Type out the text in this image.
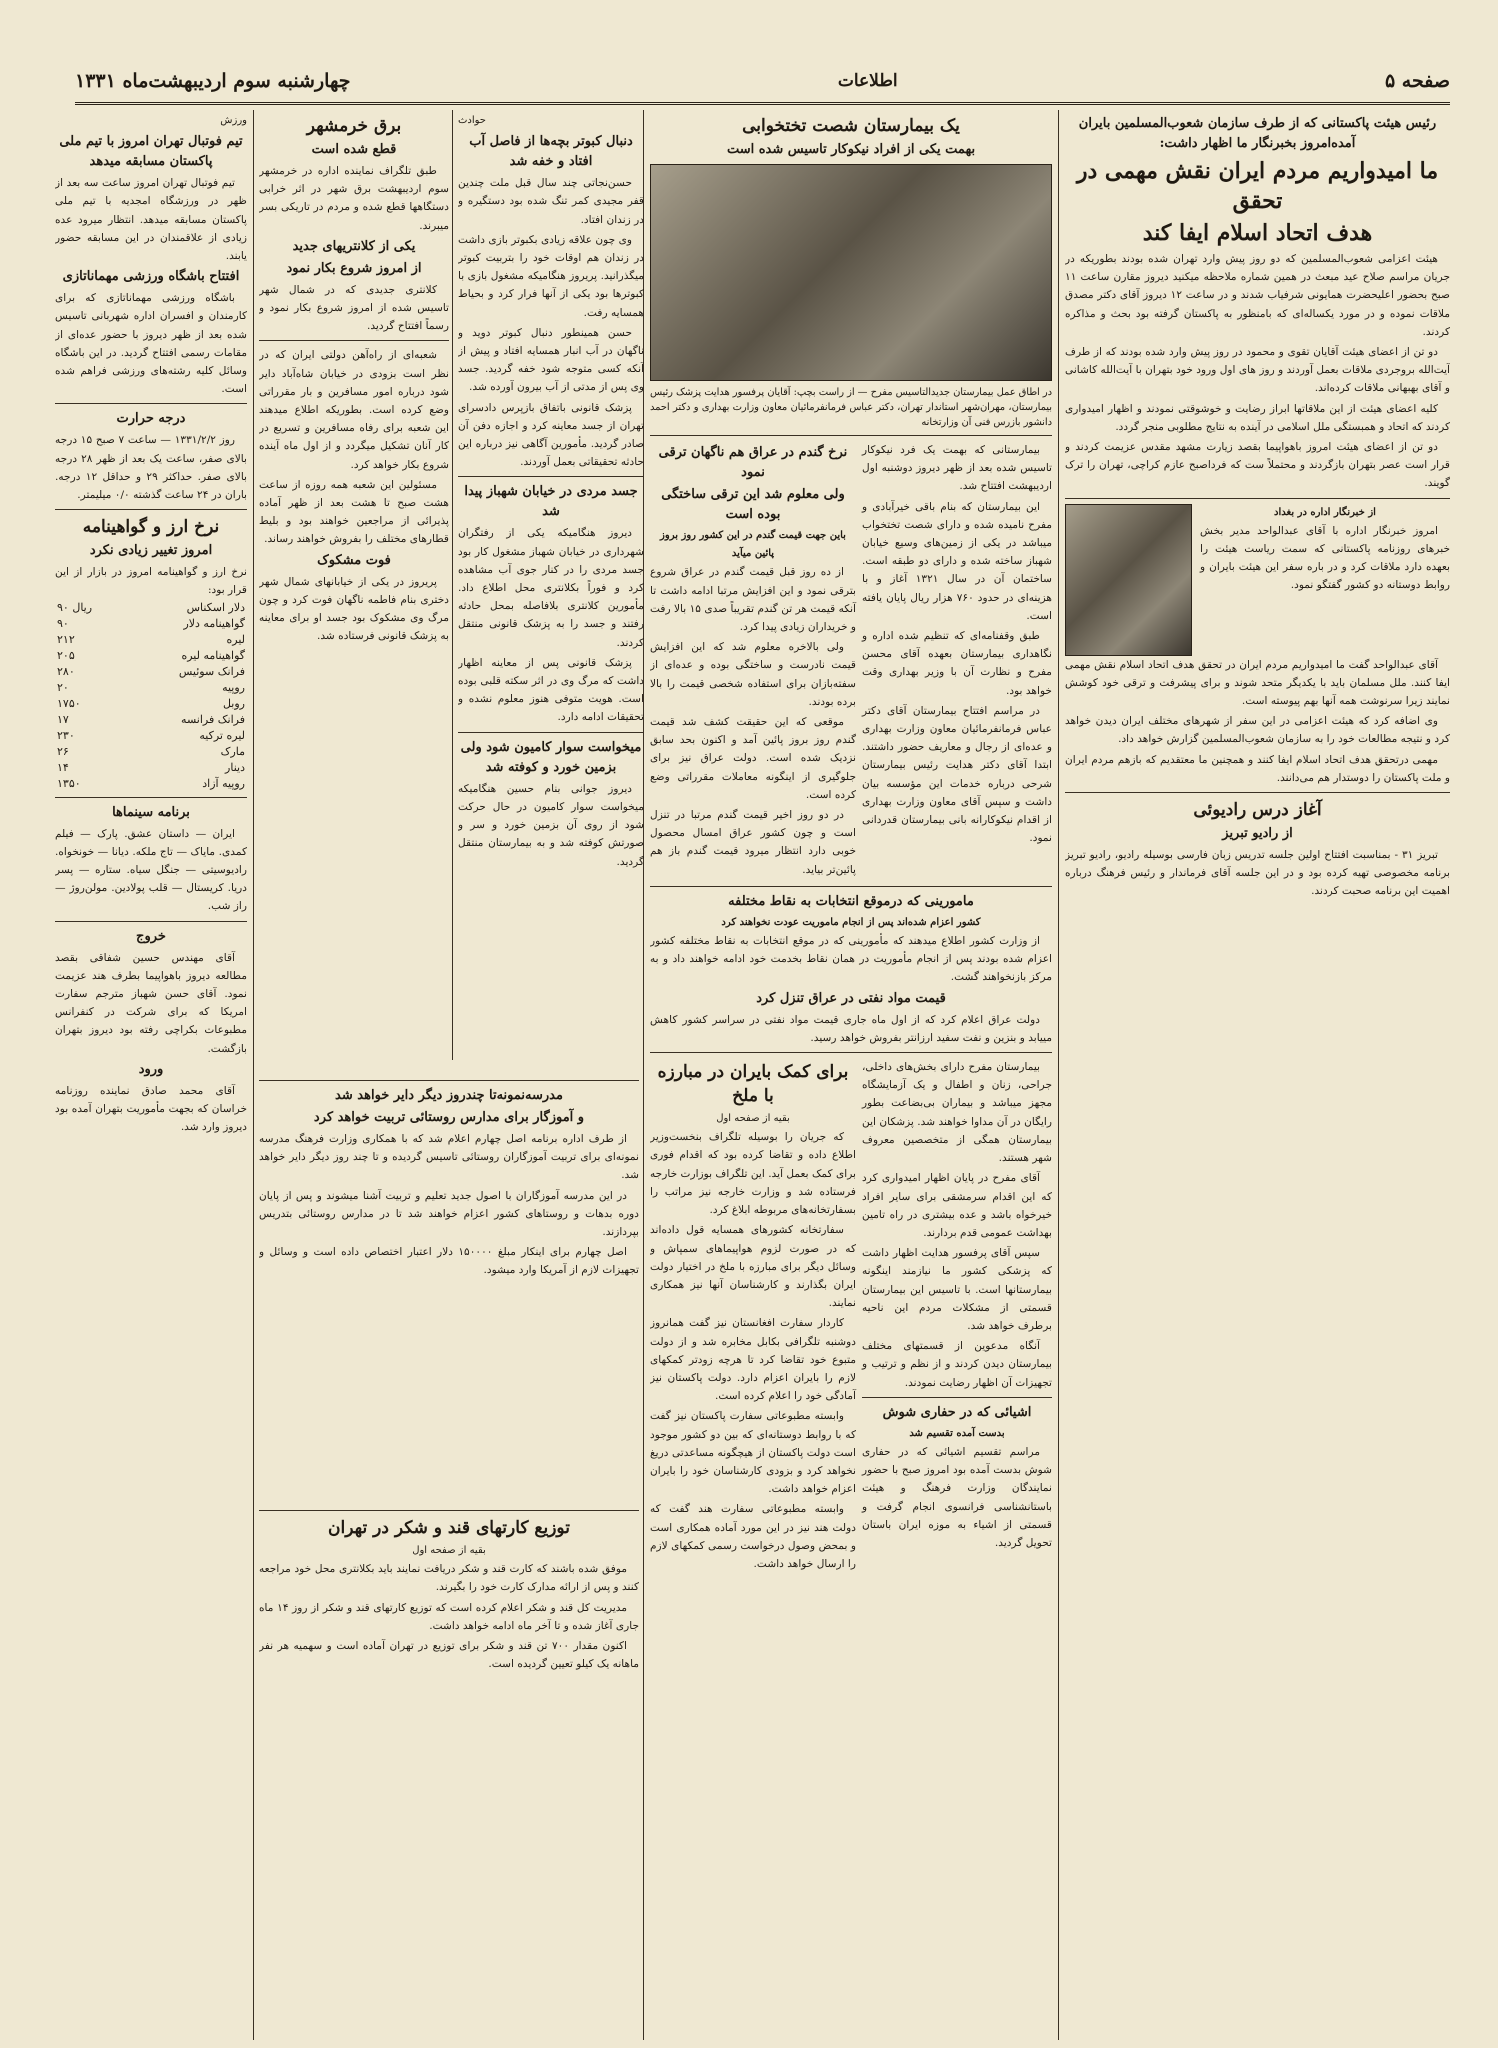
صفحه ۵
اطلاعات
چهارشنبه سوم اردیبهشت‌ماه ۱۳۳۱
رئیس هیئت پاکستانی که از طرف سازمان شعوب‌المسلمین بایران آمده‌امروز بخبرنگار ما اظهار داشت:
ما امیدواریم مردم ایران نقش مهمی در تحقق
هدف اتحاد اسلام ایفا کند

هیئت اعزامی شعوب‌المسلمین که دو روز پیش وارد تهران شده بودند بطوریکه در جریان مراسم صلاح عید مبعث در همین شماره ملاحظه میکنید دیروز مقارن ساعت ۱۱ صبح بحضور اعلیحضرت همایونی شرفیاب شدند و در ساعت ۱۲ دیروز آقای دکتر مصدق ملاقات نموده و در مورد یکساله‌ای که بامنظور به پاکستان گرفته بود بحث و مذاکره کردند.

دو تن از اعضای هیئت آقایان تقوی و محمود در روز پیش وارد شده بودند که از طرف آیت‌الله بروجردی ملاقات بعمل آوردند و روز های اول ورود خود بتهران با آیت‌الله کاشانی و آقای بهبهانی ملاقات کرده‌اند.

کلیه اعضای هیئت از این ملاقاتها ابراز رضایت و خوشوقتی نمودند و اظهار امیدواری کردند که اتحاد و همبستگی ملل اسلامی در آینده به نتایج مطلوبی منجر گردد.

دو تن از اعضای هیئت امروز باهواپیما بقصد زیارت مشهد مقدس عزیمت کردند و قرار است عصر بتهران بازگردند و محتملاً ست که فرداصبح عازم کراچی، تهران را ترک گویند.

از خبرنگار اداره در بغداد

امروز خبرنگار اداره با آقای عبدالواحد مدیر بخش خبرهای روزنامه پاکستانی که سمت ریاست هیئت را بعهده دارد ملاقات کرد و در باره سفر این هیئت بایران و روابط دوستانه دو کشور گفتگو نمود.

آقای عبدالواحد گفت ما امیدواریم مردم ایران در تحقق هدف اتحاد اسلام نقش مهمی ایفا کنند. ملل مسلمان باید با یکدیگر متحد شوند و برای پیشرفت و ترقی خود کوشش نمایند زیرا سرنوشت همه آنها بهم پیوسته است.

وی اضافه کرد که هیئت اعزامی در این سفر از شهرهای مختلف ایران دیدن خواهد کرد و نتیجه مطالعات خود را به سازمان شعوب‌المسلمین گزارش خواهد داد.

مهمی درتحقق هدف اتحاد اسلام ایفا کنند و همچنین ما معتقدیم که بازهم مردم ایران و ملت پاکستان را دوستدار هم می‌دانند.

آغاز درس رادیوئی
از رادیو تبریز

تبریز ۳۱ - بمناسبت افتتاح اولین جلسه تدریس زبان فارسی بوسیله رادیو، رادیو تبریز برنامه مخصوصی تهیه کرده بود و در این جلسه آقای فرماندار و رئیس فرهنگ درباره اهمیت این برنامه صحبت کردند.

یک بیمارستان شصت تختخوابی
بهمت یکی از افراد نیکوکار تاسیس شده است
در اطاق عمل بیمارستان جدیدالتاسیس مفرح — از راست بچپ: آقایان پرفسور هدایت پزشک رئیس بیمارستان، مهران‌شهر استاندار تهران، دکتر عباس فرمانفرمائیان معاون وزارت بهداری و دکتر احمد دانشور بازرس فنی آن وزارتخانه

بیمارستانی که بهمت یک فرد نیکوکار تاسیس شده بعد از ظهر دیروز دوشنبه اول اردیبهشت افتتاح شد.

این بیمارستان که بنام باقی خیرآبادی و مفرح نامیده شده و دارای شصت تختخواب میباشد در یکی از زمین‌های وسیع خیابان شهباز ساخته شده و دارای دو طبقه است. ساختمان آن در سال ۱۳۲۱ آغاز و با هزینه‌ای در حدود ۷۶۰ هزار ریال پایان یافته است.

طبق وقفنامه‌ای که تنظیم شده اداره و نگاهداری بیمارستان بعهده آقای محسن مفرح و نظارت آن با وزیر بهداری وقت خواهد بود.

در مراسم افتتاح بیمارستان آقای دکتر عباس فرمانفرمائیان معاون وزارت بهداری و عده‌ای از رجال و معاریف حضور داشتند. ابتدا آقای دکتر هدایت رئیس بیمارستان شرحی درباره خدمات این مؤسسه بیان داشت و سپس آقای معاون وزارت بهداری از اقدام نیکوکارانه بانی بیمارستان قدردانی نمود.

نرخ گندم در عراق هم ناگهان ترقی نمود
ولی معلوم شد این ترقی ساختگی بوده است
باین جهت قیمت گندم در این کشور روز بروز پائین میآید

از ده روز قبل قیمت گندم در عراق شروع بترقی نمود و این افزایش مرتبا ادامه داشت تا آنکه قیمت هر تن گندم تقریباً صدی ۱۵ بالا رفت و خریداران زیادی پیدا کرد.

ولی بالاخره معلوم شد که این افزایش قیمت نادرست و ساختگی بوده و عده‌ای از سفته‌بازان برای استفاده شخصی قیمت را بالا برده بودند.

موقعی که این حقیقت کشف شد قیمت گندم روز بروز پائین آمد و اکنون بحد سابق نزدیک شده است. دولت عراق نیز برای جلوگیری از اینگونه معاملات مقرراتی وضع کرده است.

در دو روز اخیر قیمت گندم مرتبا در تنزل است و چون کشور عراق امسال محصول خوبی دارد انتظار میرود قیمت گندم باز هم پائین‌تر بیاید.

مامورینی که درموقع انتخابات به نقاط مختلفه
کشور اعزام شده‌اند پس از انجام ماموریت عودت نخواهند کرد

از وزارت کشور اطلاع میدهند که مأمورینی که در موقع انتخابات به نقاط مختلفه کشور اعزام شده بودند پس از انجام مأموریت در همان نقاط بخدمت خود ادامه خواهند داد و به مرکز بازنخواهند گشت.

قیمت مواد نفتی در عراق تنزل کرد

دولت عراق اعلام کرد که از اول ماه جاری قیمت مواد نفتی در سراسر کشور کاهش مییابد و بنزین و نفت سفید ارزانتر بفروش خواهد رسید.

بیمارستان مفرح دارای بخش‌های داخلی، جراحی، زنان و اطفال و یک آزمایشگاه مجهز میباشد و بیماران بی‌بضاعت بطور رایگان در آن مداوا خواهند شد. پزشکان این بیمارستان همگی از متخصصین معروف شهر هستند.

آقای مفرح در پایان اظهار امیدواری کرد که این اقدام سرمشقی برای سایر افراد خیرخواه باشد و عده بیشتری در راه تامین بهداشت عمومی قدم بردارند.

سپس آقای پرفسور هدایت اظهار داشت که پزشکی کشور ما نیازمند اینگونه بیمارستانها است. با تاسیس این بیمارستان قسمتی از مشکلات مردم این ناحیه برطرف خواهد شد.

آنگاه مدعوین از قسمتهای مختلف بیمارستان دیدن کردند و از نظم و ترتیب و تجهیزات آن اظهار رضایت نمودند.

اشیائی که در حفاری شوش
بدست آمده تقسیم شد

مراسم تقسیم اشیائی که در حفاری شوش بدست آمده بود امروز صبح با حضور نمایندگان وزارت فرهنگ و هیئت باستانشناسی فرانسوی انجام گرفت و قسمتی از اشیاء به موزه ایران باستان تحویل گردید.

برای کمک بایران در مبارزه با ملخ
بقیه از صفحه اول

که جریان را بوسیله تلگراف بنخست‌وزیر اطلاع داده و تقاضا کرده بود که اقدام فوری برای کمک بعمل آید. این تلگراف بوزارت خارجه فرستاده شد و وزارت خارجه نیز مراتب را بسفارتخانه‌های مربوطه ابلاغ کرد.

سفارتخانه کشورهای همسایه قول داده‌اند که در صورت لزوم هواپیماهای سمپاش و وسائل دیگر برای مبارزه با ملخ در اختیار دولت ایران بگذارند و کارشناسان آنها نیز همکاری نمایند.

کاردار سفارت افغانستان نیز گفت همانروز دوشنبه تلگرافی بکابل مخابره شد و از دولت متبوع خود تقاضا کرد تا هرچه زودتر کمکهای لازم را بایران اعزام دارد. دولت پاکستان نیز آمادگی خود را اعلام کرده است.

وابسته مطبوعاتی سفارت پاکستان نیز گفت که با روابط دوستانه‌ای که بین دو کشور موجود است دولت پاکستان از هیچگونه مساعدتی دریغ نخواهد کرد و بزودی کارشناسان خود را بایران اعزام خواهد داشت.

وابسته مطبوعاتی سفارت هند گفت که دولت هند نیز در این مورد آماده همکاری است و بمحض وصول درخواست رسمی کمکهای لازم را ارسال خواهد داشت.

حوادث
دنبال کبوتر بچه‌ها از فاصل آب افتاد و خفه شد

حسن‌نجاتی چند سال قبل ملت چندین قفر مجیدی کمر تنگ شده بود دستگیره و در زندان افتاد.

وی چون علاقه زیادی بکبوتر بازی داشت در زندان هم اوقات خود را بتربیت کبوتر میگذرانید. پریروز هنگامیکه مشغول بازی با کبوترها بود یکی از آنها فرار کرد و بحیاط همسایه رفت.

حسن همینطور دنبال کبوتر دوید و ناگهان در آب انبار همسایه افتاد و پیش از آنکه کسی متوجه شود خفه گردید. جسد وی پس از مدتی از آب بیرون آورده شد.

پزشک قانونی باتفاق بازپرس دادسرای تهران از جسد معاینه کرد و اجازه دفن آن صادر گردید. مأمورین آگاهی نیز درباره این حادثه تحقیقاتی بعمل آوردند.

جسد مردی در خیابان شهباز پیدا شد

دیروز هنگامیکه یکی از رفتگران شهرداری در خیابان شهباز مشغول کار بود جسد مردی را در کنار جوی آب مشاهده کرد و فوراً بکلانتری محل اطلاع داد. مأمورین کلانتری بلافاصله بمحل حادثه رفتند و جسد را به پزشک قانونی منتقل کردند.

پزشک قانونی پس از معاینه اظهار داشت که مرگ وی در اثر سکته قلبی بوده است. هویت متوفی هنوز معلوم نشده و تحقیقات ادامه دارد.

میخواست سوار کامیون شود ولی بزمین خورد و کوفته شد

دیروز جوانی بنام حسین هنگامیکه میخواست سوار کامیون در حال حرکت شود از روی آن بزمین خورد و سر و صورتش کوفته شد و به بیمارستان منتقل گردید.

برق خرمشهر
قطع شده است

طبق تلگراف نماینده اداره در خرمشهر سوم اردیبهشت برق شهر در اثر خرابی دستگاهها قطع شده و مردم در تاریکی بسر میبرند.

یکی از کلانتریهای جدید
از امروز شروع بکار نمود

کلانتری جدیدی که در شمال شهر تاسیس شده از امروز شروع بکار نمود و رسماً افتتاح گردید.

شعبه‌ای از راه‌آهن دولتی ایران که در نظر است بزودی در خیابان شاه‌آباد دایر شود درباره امور مسافرین و بار مقرراتی وضع کرده است. بطوریکه اطلاع میدهند این شعبه برای رفاه مسافرین و تسریع در کار آنان تشکیل میگردد و از اول ماه آینده شروع بکار خواهد کرد.

مسئولین این شعبه همه روزه از ساعت هشت صبح تا هشت بعد از ظهر آماده پذیرائی از مراجعین خواهند بود و بلیط قطارهای مختلف را بفروش خواهند رساند.

فوت مشکوک

پریروز در یکی از خیابانهای شمال شهر دختری بنام فاطمه ناگهان فوت کرد و چون مرگ وی مشکوک بود جسد او برای معاینه به پزشک قانونی فرستاده شد.

مدرسه‌نمونه‌تا چندروز دیگر دایر خواهد شد
و آموزگار برای مدارس روستائی تربیت خواهد کرد

از طرف اداره برنامه اصل چهارم اعلام شد که با همکاری وزارت فرهنگ مدرسه نمونه‌ای برای تربیت آموزگاران روستائی تاسیس گردیده و تا چند روز دیگر دایر خواهد شد.

در این مدرسه آموزگاران با اصول جدید تعلیم و تربیت آشنا میشوند و پس از پایان دوره بدهات و روستاهای کشور اعزام خواهند شد تا در مدارس روستائی بتدریس بپردازند.

اصل چهارم برای اینکار مبلغ ۱۵۰۰۰۰ دلار اعتبار اختصاص داده است و وسائل و تجهیزات لازم از آمریکا وارد میشود.

توزیع کارتهای قند و شکر در تهران
بقیه از صفحه اول

موفق شده باشند که کارت قند و شکر دریافت نمایند باید بکلانتری محل خود مراجعه کنند و پس از ارائه مدارک کارت خود را بگیرند.

مدیریت کل قند و شکر اعلام کرده است که توزیع کارتهای قند و شکر از روز ۱۴ ماه جاری آغاز شده و تا آخر ماه ادامه خواهد داشت.

اکنون مقدار ۷۰۰ تن قند و شکر برای توزیع در تهران آماده است و سهمیه هر نفر ماهانه یک کیلو تعیین گردیده است.

ورزش
تیم فوتبال تهران امروز با تیم ملی پاکستان مسابقه میدهد

تیم فوتبال تهران امروز ساعت سه بعد از ظهر در ورزشگاه امجدیه با تیم ملی پاکستان مسابقه میدهد. انتظار میرود عده زیادی از علاقمندان در این مسابقه حضور یابند.

افتتاح باشگاه ورزشی مهماناتازی

باشگاه ورزشی مهماناتازی که برای کارمندان و افسران اداره شهربانی تاسیس شده بعد از ظهر دیروز با حضور عده‌ای از مقامات رسمی افتتاح گردید. در این باشگاه وسائل کلیه رشته‌های ورزشی فراهم شده است.

درجه حرارت

روز ۱۳۳۱/۲/۲ — ساعت ۷ صبح ۱۵ درجه بالای صفر، ساعت یک بعد از ظهر ۲۸ درجه بالای صفر. حداکثر ۲۹ و حداقل ۱۲ درجه. باران در ۲۴ ساعت گذشته ۰/۰ میلیمتر.

نرخ ارز و گواهینامه
امروز تغییر زیادی نکرد
نرخ ارز و گواهینامه امروز در بازار از این قرار بود:
دلار اسکناس	۹۰ ریال
گواهینامه دلار	۹۰
لیره	۲۱۲
گواهینامه لیره	۲۰۵
فرانک سوئیس	۲۸۰
روپیه	۲۰
روبل	۱۷۵۰
فرانک فرانسه	۱۷
لیره ترکیه	۲۳۰
مارک	۲۶
دینار	۱۴
روپیه آزاد	۱۳۵۰
برنامه سینماها

ایران — داستان عشق. پارک — فیلم کمدی. مایاک — تاج ملکه. دیانا — خونخواه. رادیوسیتی — جنگل سیاه. ستاره — پسر دریا. کریستال — قلب پولادین. مولن‌روژ — راز شب.

خروج

آقای مهندس حسین شفاقی بقصد مطالعه دیروز باهواپیما بطرف هند عزیمت نمود. آقای حسن شهباز مترجم سفارت امریکا که برای شرکت در کنفرانس مطبوعات بکراچی رفته بود دیروز بتهران بازگشت.

ورود

آقای محمد صادق نماینده روزنامه خراسان که بجهت مأموریت بتهران آمده بود دیروز وارد شد.
